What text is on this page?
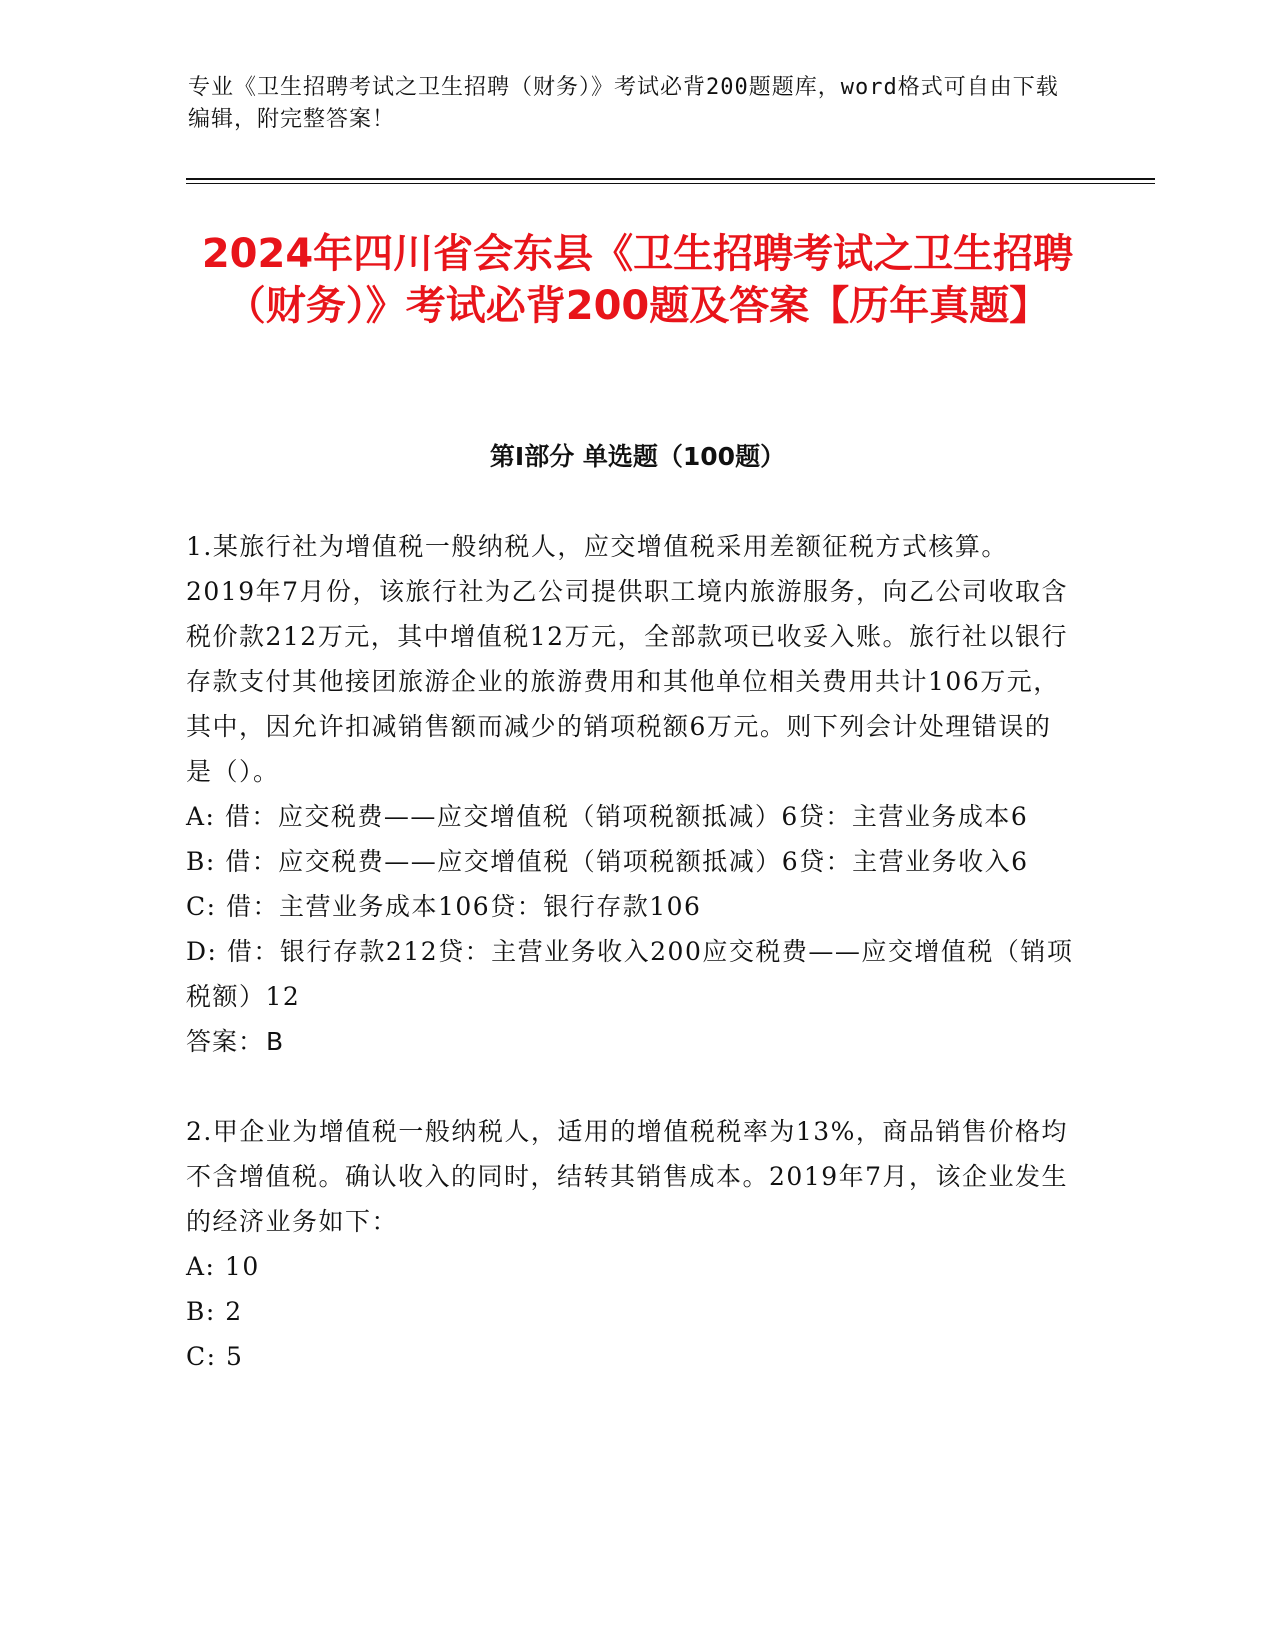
专业《卫生招聘考试之卫生招聘（财务）》考试必背200题题库，word格式可自由下载编辑，附完整答案！
2024年四川省会东县《卫生招聘考试之卫生招聘（财务）》考试必背200题及答案【历年真题】
第I部分 单选题（100题）

1.某旅行社为增值税一般纳税人，应交增值税采用差额征税方式核算。2019年7月份，该旅行社为乙公司提供职工境内旅游服务，向乙公司收取含税价款212万元，其中增值税12万元，全部款项已收妥入账。旅行社以银行存款支付其他接团旅游企业的旅游费用和其他单位相关费用共计106万元，其中，因允许扣减销售额而减少的销项税额6万元。则下列会计处理错误的是（）。

A: 借：应交税费——应交增值税（销项税额抵减）6贷：主营业务成本6

B: 借：应交税费——应交增值税（销项税额抵减）6贷：主营业务收入6

C: 借：主营业务成本106贷：银行存款106

D: 借：银行存款212贷：主营业务收入200应交税费——应交增值税（销项税额）12

答案：B

2.甲企业为增值税一般纳税人，适用的增值税税率为13%，商品销售价格均不含增值税。确认收入的同时，结转其销售成本。2019年7月，该企业发生的经济业务如下：

A: 10

B: 2

C: 5
